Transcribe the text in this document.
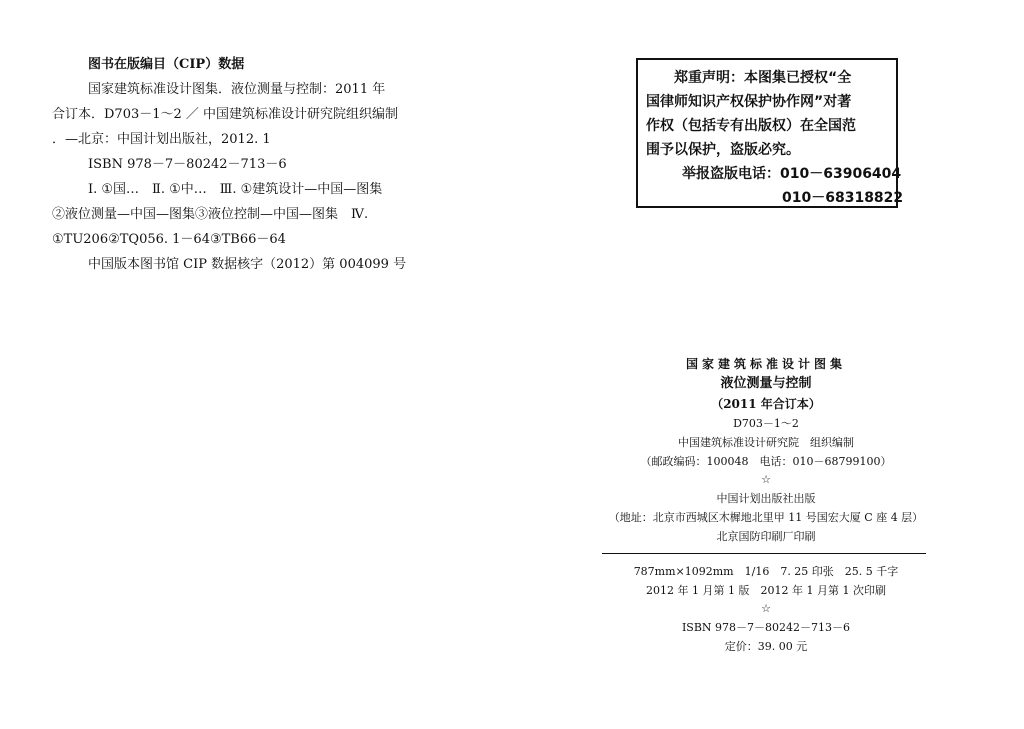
图书在版编目（CIP）数据
国家建筑标准设计图集．液位测量与控制：2011 年
合订本．D703－1～2 ／ 中国建筑标准设计研究院组织编制
．—北京：中国计划出版社，2012. 1
ISBN 978－7－80242－713－6
Ⅰ. ①国…　Ⅱ. ①中…　Ⅲ. ①建筑设计—中国—图集
②液位测量—中国—图集③液位控制—中国—图集　Ⅳ.
①TU206②TQ056. 1－64③TB66－64
中国版本图书馆 CIP 数据核字（2012）第 004099 号
郑重声明：本图集已授权“全
国律师知识产权保护协作网”对著
作权（包括专有出版权）在全国范
围予以保护，盗版必究。
举报盗版电话：010－63906404
010－68318822
国家建筑标准设计图集
液位测量与控制
（2011 年合订本）
D703－1～2
中国建筑标准设计研究院　组织编制
（邮政编码：100048　电话：010－68799100）
☆
中国计划出版社出版
（地址：北京市西城区木樨地北里甲 11 号国宏大厦 C 座 4 层）
北京国防印刷厂印刷
787mm×1092mm　1/16　7. 25 印张　25. 5 千字
2012 年 1 月第 1 版　2012 年 1 月第 1 次印刷
☆
ISBN 978－7－80242－713－6
定价：39. 00 元
